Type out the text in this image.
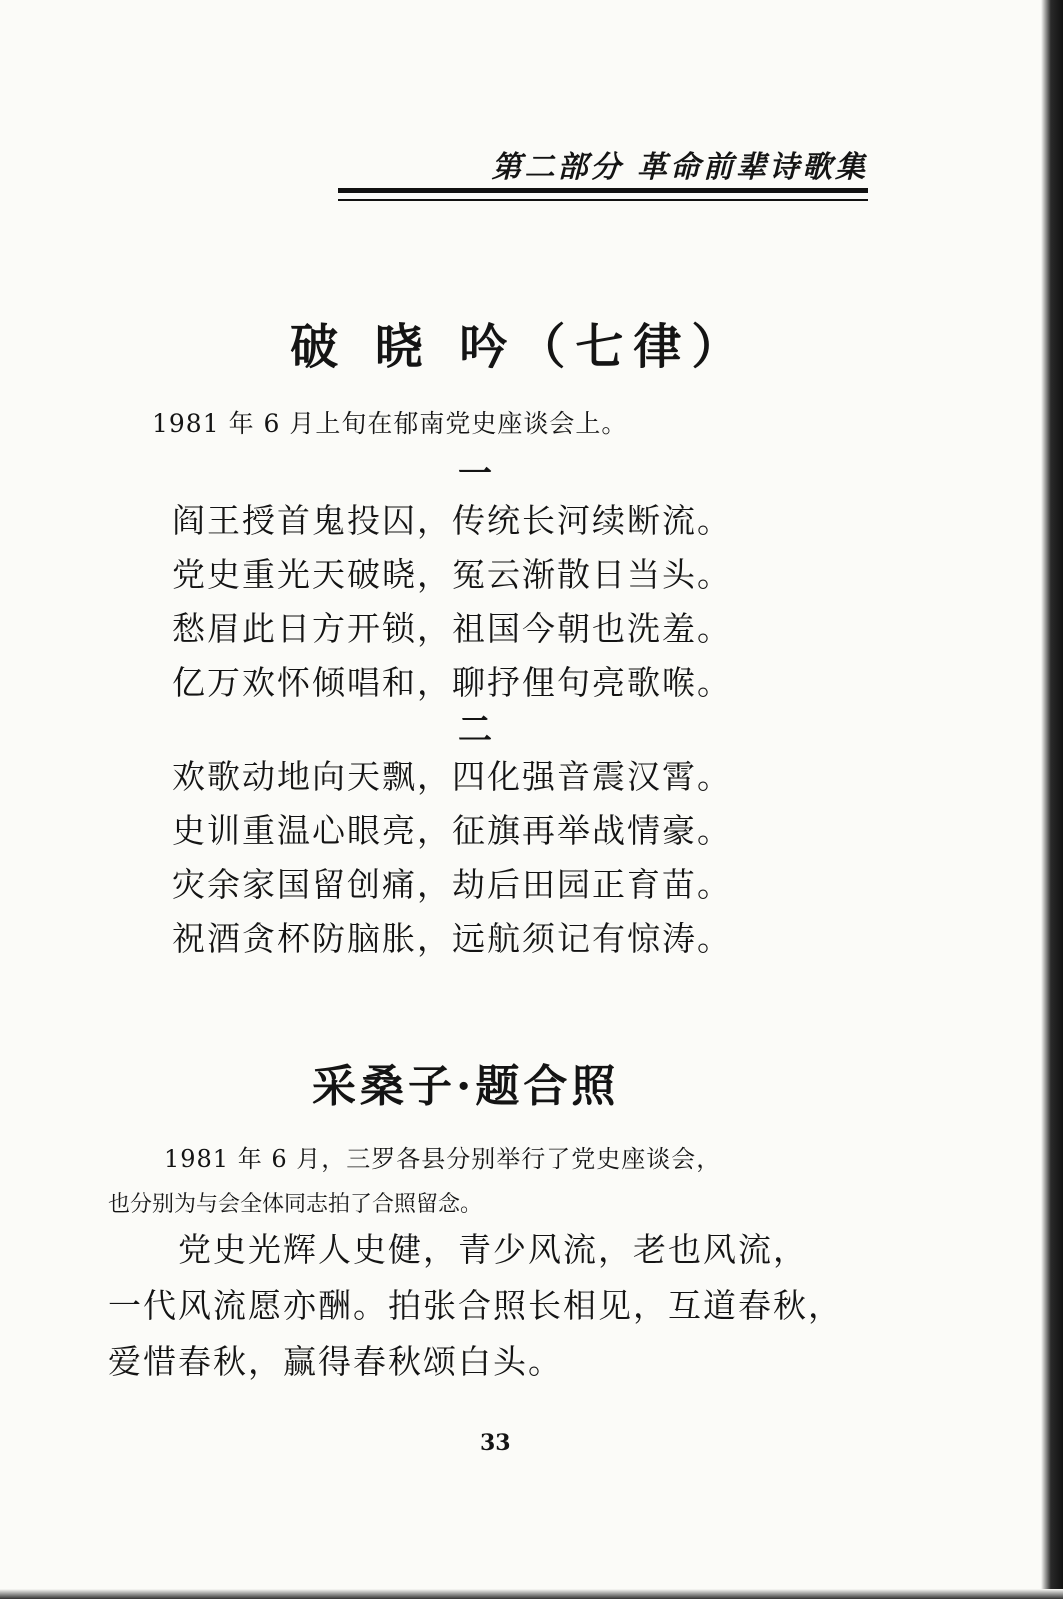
第二部分 革命前辈诗歌集
破 晓 吟（七律）
1981 年 6 月上旬在郁南党史座谈会上。
一
阎王授首鬼投囚，传统长河续断流。
党史重光天破晓，冤云渐散日当头。
愁眉此日方开锁，祖国今朝也洗羞。
亿万欢怀倾唱和，聊抒俚句亮歌喉。
二
欢歌动地向天飘，四化强音震汉霄。
史训重温心眼亮，征旗再举战情豪。
灾余家国留创痛，劫后田园正育苗。
祝酒贪杯防脑胀，远航须记有惊涛。
采桑子·题合照
1981 年 6 月，三罗各县分别举行了党史座谈会，
也分别为与会全体同志拍了合照留念。
党史光辉人史健，青少风流，老也风流，
一代风流愿亦酬。拍张合照长相见，互道春秋，
爱惜春秋，赢得春秋颂白头。
33
